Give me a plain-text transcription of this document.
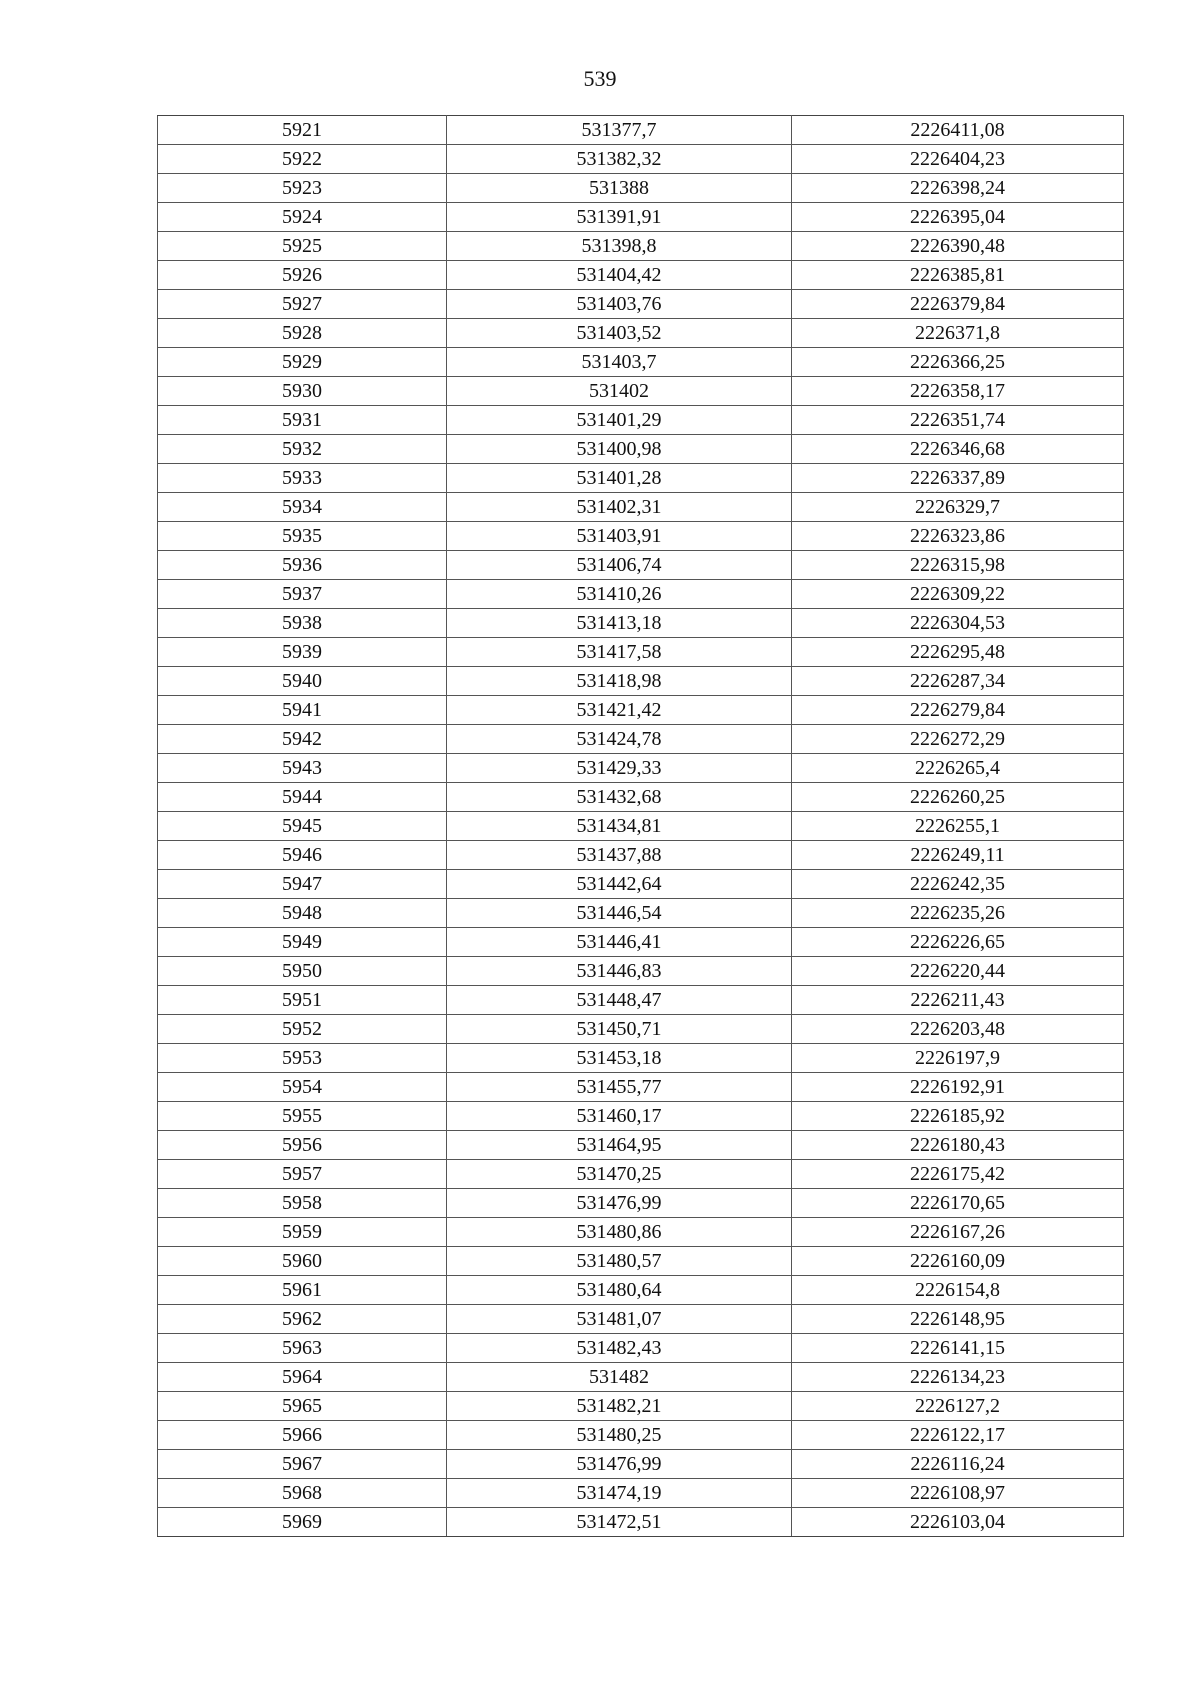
539
5921	531377,7	2226411,08
5922	531382,32	2226404,23
5923	531388	2226398,24
5924	531391,91	2226395,04
5925	531398,8	2226390,48
5926	531404,42	2226385,81
5927	531403,76	2226379,84
5928	531403,52	2226371,8
5929	531403,7	2226366,25
5930	531402	2226358,17
5931	531401,29	2226351,74
5932	531400,98	2226346,68
5933	531401,28	2226337,89
5934	531402,31	2226329,7
5935	531403,91	2226323,86
5936	531406,74	2226315,98
5937	531410,26	2226309,22
5938	531413,18	2226304,53
5939	531417,58	2226295,48
5940	531418,98	2226287,34
5941	531421,42	2226279,84
5942	531424,78	2226272,29
5943	531429,33	2226265,4
5944	531432,68	2226260,25
5945	531434,81	2226255,1
5946	531437,88	2226249,11
5947	531442,64	2226242,35
5948	531446,54	2226235,26
5949	531446,41	2226226,65
5950	531446,83	2226220,44
5951	531448,47	2226211,43
5952	531450,71	2226203,48
5953	531453,18	2226197,9
5954	531455,77	2226192,91
5955	531460,17	2226185,92
5956	531464,95	2226180,43
5957	531470,25	2226175,42
5958	531476,99	2226170,65
5959	531480,86	2226167,26
5960	531480,57	2226160,09
5961	531480,64	2226154,8
5962	531481,07	2226148,95
5963	531482,43	2226141,15
5964	531482	2226134,23
5965	531482,21	2226127,2
5966	531480,25	2226122,17
5967	531476,99	2226116,24
5968	531474,19	2226108,97
5969	531472,51	2226103,04
